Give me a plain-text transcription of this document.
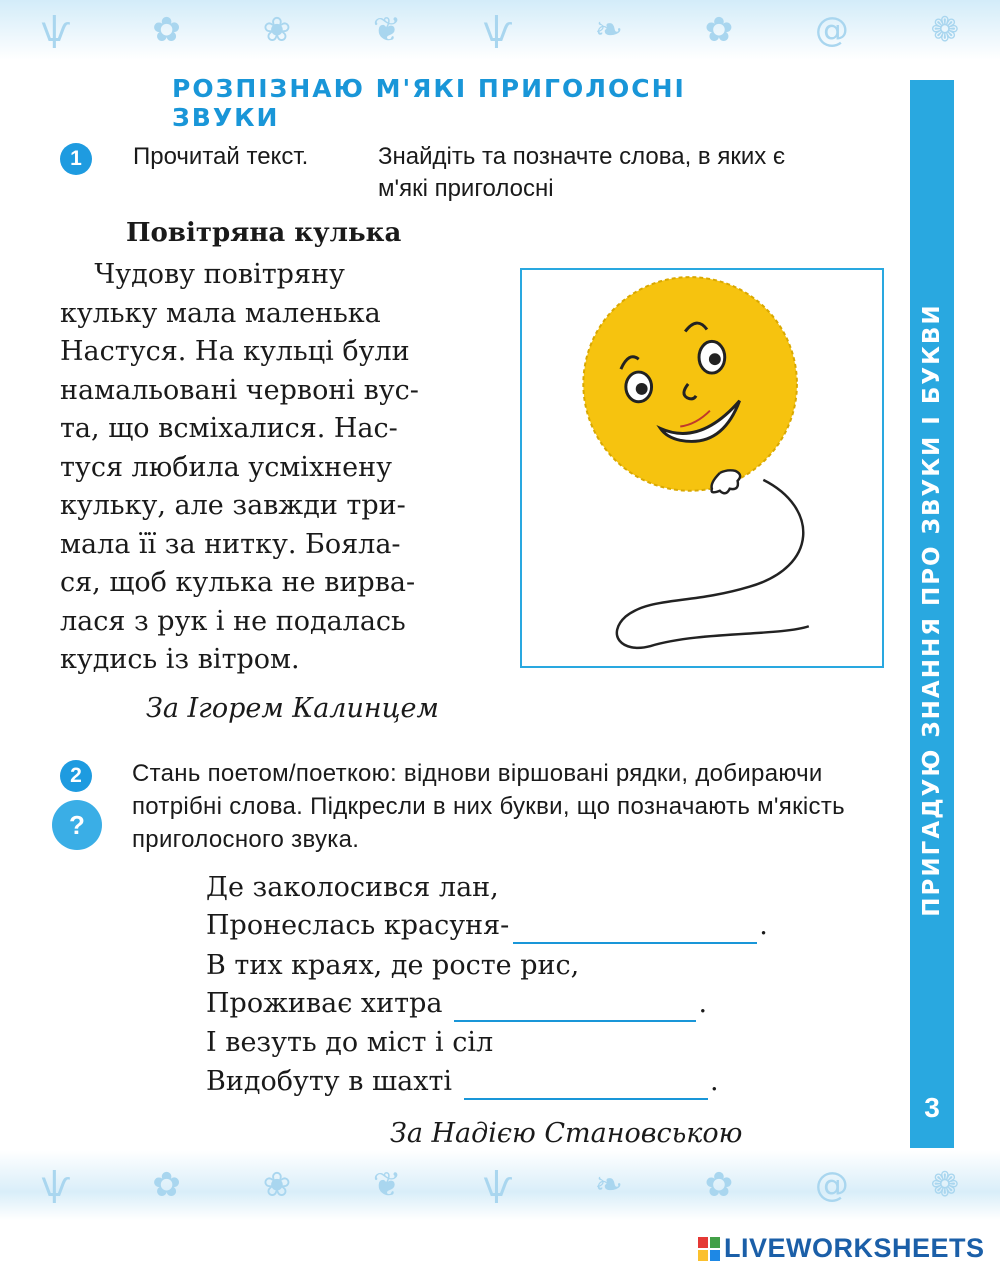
ѱ ✿ ❀ ❦ ѱ ❧ ✿ @ ❁
ѱ ✿ ❀ ❦ ѱ ❧ ✿ @ ❁
РОЗПІЗНАЮ М'ЯКІ ПРИГОЛОСНІ ЗВУКИ
ПРИГАДУЮ ЗНАННЯ ПРО ЗВУКИ І БУКВИ
3
1	Прочитай текст.	Знайдіть та позначте слова, в яких є
м'які приголосні
Повітряна кулька
Чудову повітряну
кульку мала маленька
Настуся. На кульці були
намальовані червоні вус-
та, що всміхалися. Нас-
туся любила усміхнену
кульку, але завжди три-
мала її за нитку. Бояла-
ся, щоб кулька не вирва-
лася з рук і не подалась
кудись із вітром.
За Ігорем Калинцем
2
?

Стань поетом/поеткою: віднови віршовані рядки, добираючи потрібні слова. Підкресли в них букви, що позначають м'якість приголосного звука.

Де заколосився лан,
Пронеслась красуня-	.
В тих краях, де росте рис,
Проживає хитра	.
І везуть до міст і сіл
Видобуту в шахті	.
За Надією Становською
LIVEWORKSHEETS
